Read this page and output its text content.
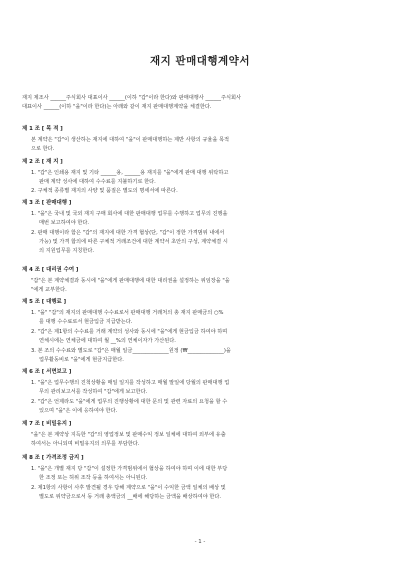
재지 판매대행계약서
재지 제조사 ______주식회사 대표이사 ______(이하 "갑"이라 한다)와 판매대행사 ______주식회사
대표이사 ______(이하 "을"이라 한다)는 아래와 같이 재지 판매대행계약을 체결한다.
제 1 조 [ 목 적 ]
본 계약은 "갑"이 생산하는 재지에 대하여 "을"이 판매대행하는 제반 사항의 규율을 목적
으로 한다.
제 2 조 [ 재 지 ]
1. "갑"은 인쇄용 재지 및 기타 ______용, ______용 재지를 "을"에게 판매 대행 위탁하고
판매 계약 성사에 대하여 수수료를 지불하기로 한다.
2. 구체적 종류별 재지의 사양 및 품질은 별도의 명세서에 따른다.
제 3 조 [ 판매대행 ]
1. "을"은 국내 및 국외 재지 구매 회사에 대한 판매대행 업무를 수행하고 업무의 진행을
매번 보고하여야 한다.
2. 판매 대행이라 함은 "갑"의 재지에 대한 가격 협상(단, "갑"이 정한 가격범위 내에서
가능) 및 가격 합의에 따른 구체적 거래조건에 대한 계약서 초안의 구성, 계약체결 시
의 지원업무를 지칭한다.
제 4 조 [ 대리권 수여 ]
"갑"은 본 계약체결과 동시에 "을"에게 판매대행에 대한 대리권을 설정하는 위임장을 "을
"에게 교부한다.
제 5 조 [ 대행료 ]
1. "을" "갑"의 재지의 판매대행 수수료로서 판매대행 거래처의 총 재지 판매금의 ○%
를 대행 수수료로서 현금입금 지급받는다.
2. "갑"은 제1항의 수수료를 거래 계약의 성사와 동시에 "을"에게 현금입금 하여야 하며
연체시에는 연체금에 대하여 월 __%의 연체이자가 가산된다.
3. 본 조의 수수료와 별도로 "갑"은 매월 일금______________원정 (₩______________)을
업무활동비로 "을"에게 현금지급한다.
제 6 조 [ 서면보고 ]
1. "을"은 업무수행의 진척상황을 매일 일지를 작성하고 매월 말일에 당월의 판매대행 업
무의 관리보고서를 작성하여 "갑"에게 보고한다.
2. "갑"은 언제라도 "을"에게 업무의 진행상황에 대한 문의 및 관련 자료의 요청을 할 수
있으며 "을"은 이에 응하여야 한다.
제 7 조 [ 비밀유지 ]
"을"은 본 계약상 지득한 "갑"의 영업정보 및 판매수익 정보 일체에 대하여 외부에 유출
하여서는 아니되며 비밀유지의 의무를 부담한다.
제 8 조 [ 가격조정 금지 ]
1. "을"은 개별 재지 당 "갑"이 설정한 가격범위에서 협상을 하여야 하며 이에 대한 부당
한 조정 또는 허위 조작 등을 하여서는 아니된다.
2. 제1항의 사항이 사후 발견될 경우 당해 계약으로 "을"이 수익한 금액 일체의 배상 및
별도로 위약금으로서 동 거래 총액금의 __배에 해당하는 금액을 배상하여야 한다.
- 1 -
